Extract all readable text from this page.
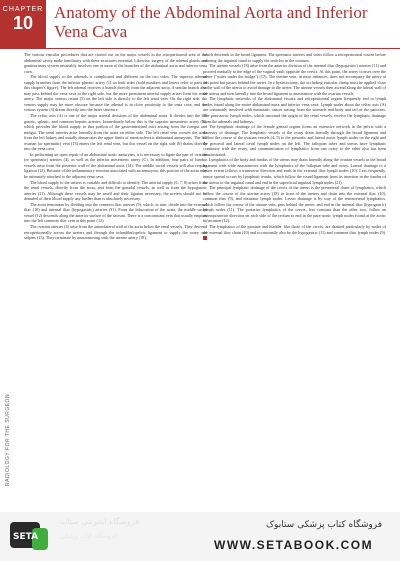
CHAPTER
10
Anatomy of the Abdominal Aorta and Inferior Vena Cava
RADIOLOGY FOR THE SURGEON

The various vascular procedures that are carried out on the major vessels in the retroperitoneal area of the abdominal cavity make familiarity with these structures essential. Likewise, surgery of the adrenal glands and genitourinary system invariably involves one or more of the branches of the abdominal aorta and inferior vena cava.

The blood supply to the adrenals is complicated and different on the two sides. The superior adrenal supply branches from the inferior phrenic artery (1) on both sides (bold numbers and letters refer to parts of this chapter's figure). The left adrenal receives a branch directly from the adjacent aorta. A similar branch also may pass behind the vena cava to the right side, but the more prominent arterial supply arises from the renal artery. The major venous return (3) on the left side is directly to the left renal vein. On the right side, the venous supply may be more obscure because the adrenal is in close proximity to the vena cava, and the venous system (3) drains directly into the latter structure.

The celiac axis (A) is one of the major arterial divisions of the abdominal aorta. It divides into the left gastric, splenic, and common hepatic arteries. Immediately below this is the superior mesenteric artery (B), which provides the blood supply to that portion of the gastrointestinal tract arising from the foregut and midgut. The renal arteries arise laterally from the aorta on either side. The left renal vein crosses the aorta from the left kidney and usually demarcates the upper limits of arteriosclerotic abdominal aneurysms. The left ovarian (or spermatic) vein (13) enters the left renal vein, but this vessel on the right side (6) drains directly into the vena cava.

In performing an open repair of an abdominal aortic aneurysm, it is necessary to ligate the pair of ovarian (or spermatic) arteries (4), as well as the inferior mesenteric artery (C). In addition, four pairs of lumbar vessels arise from the posterior wall of the abdominal aorta (14). The middle sacral vessels will also require ligation (12). Because of the inflammatory reaction associated with an aneurysm, this portion of the aorta may be intimately attached to the adjacent vena cava.

The blood supply to the ureters is variable and difficult to identify. The arterial supply (6, 7, 8) arises from the renal vessels, directly from the aorta, and from the gonadal vessels, as well as from the hypogastric arteries (11). Although these vessels may be small and their ligation necessary, the ureters should not be denuded of their blood supply any further than is absolutely necessary.

The aorta terminates by dividing into the common iliac arteries (9), which, in turn, divide into the external iliac (10) and internal iliac (hypogastric) arteries (11). From the bifurcation of the aorta, the middle sacral vessel (12) descends along the anterior surface of the sacrum. There is a concomitant vein that usually empties into the left common iliac vein at this point (12).

The ovarian arteries (4) arise from the anterolateral wall of the aorta below the renal vessels. They descend retroperitoneally across the ureters and through the infundibulopelvic ligament to supply the ovary and salpinx (13). They terminate by anastomosing with the uterine artery (18),

which descends in the broad ligament. The spermatic arteries and veins follow a retroperitoneal course before entering the inguinal canal to supply the testicles in the scrotum.

The uterine vessels (18) arise from the anterior division of the internal iliac (hypogastric) arteries (11) and proceed medially to the edge of the vaginal vault opposite the cervix. At this point, the artery crosses over the ureter ("water under the bridge") (17). The uterine vein, in most instances, does not accompany the artery at this point but passes behind the ureter. In a hysterectomy, the occluding vascular clamp must be applied close to the wall of the uterus to avoid damage to the ureter. The uterine vessels then ascend along the lateral wall of the uterus and turn laterally into the broad ligament to anastomose with the ovarian vessels.

The lymphatic networks of the abdominal viscera and retroperitoneal organs frequently end in lymph nodes found along the entire abdominal aorta and inferior vena cava. Lymph nodes about the celiac axis (A) are commonly involved with metastatic cancer arising from the stomach and body and tail of the pancreas. The para-aortic lymph nodes, which surround the origin of the renal vessels, receive the lymphatic drainage from the adrenals and kidneys.

The lymphatic drainage of the female genital organs forms an extensive network in the pelvis with a diversity of drainage. The lymphatic vessels of the ovary drain laterally through the broad ligament and follow the course of the ovarian vessels (4, 5) to the preaortic and lateral aortic lymph nodes on the right and the precaval and lateral caval lymph nodes on the left. The fallopian tubes and uterus have lymphatic continuity with the ovary, and communication of lymphatics from one ovary to the other also has been demonstrated.

Lymphatics of the body and fundus of the uterus may drain laterally along the ovarian vessels in the broad ligament with wide anastomoses with the lymphatics of the fallopian tube and ovary. Lateral drainage to a lesser extent follows a transverse direction and ends in the external iliac lymph nodes (10). Less frequently, tumor spread occurs by lymphatic trunks, which follow the round ligament from its insertion in the fundus of the uterus to the inguinal canal and end in the superficial inguinal lymph nodes (21).

The principal lymphatic drainage of the cervix of the uterus is the preureteral chain of lymphatics, which follow the course of the uterine artery (18) in front of the ureters and drain into the external iliac (10), common iliac (9), and obturator lymph nodes. Lesser drainage is by way of the retroureteral lymphatics, which follow the course of the uterine vein, pass behind the ureter, and end in the internal iliac (hypogastric) lymph nodes (11). The posterior lymphatics of the cervix, less constant than the other two, follow an anteroposterior direction on each side of the rectum to end in the para-aortic lymph nodes found at the aortic bifurcation (12).

The lymphatics of the prostate and bladder, like those of the cervix, are drained particularly by nodes of the external iliac chain (10) and occasionally also by the hypogastric (11) and common iliac lymph nodes (9).

SETA
فروشگاه اینترنتی ستاب
فروشگاه کتاب پزشکی
فروشگاه کتاب پزشکی ستابوک
WWW.SETABOOK.COM
